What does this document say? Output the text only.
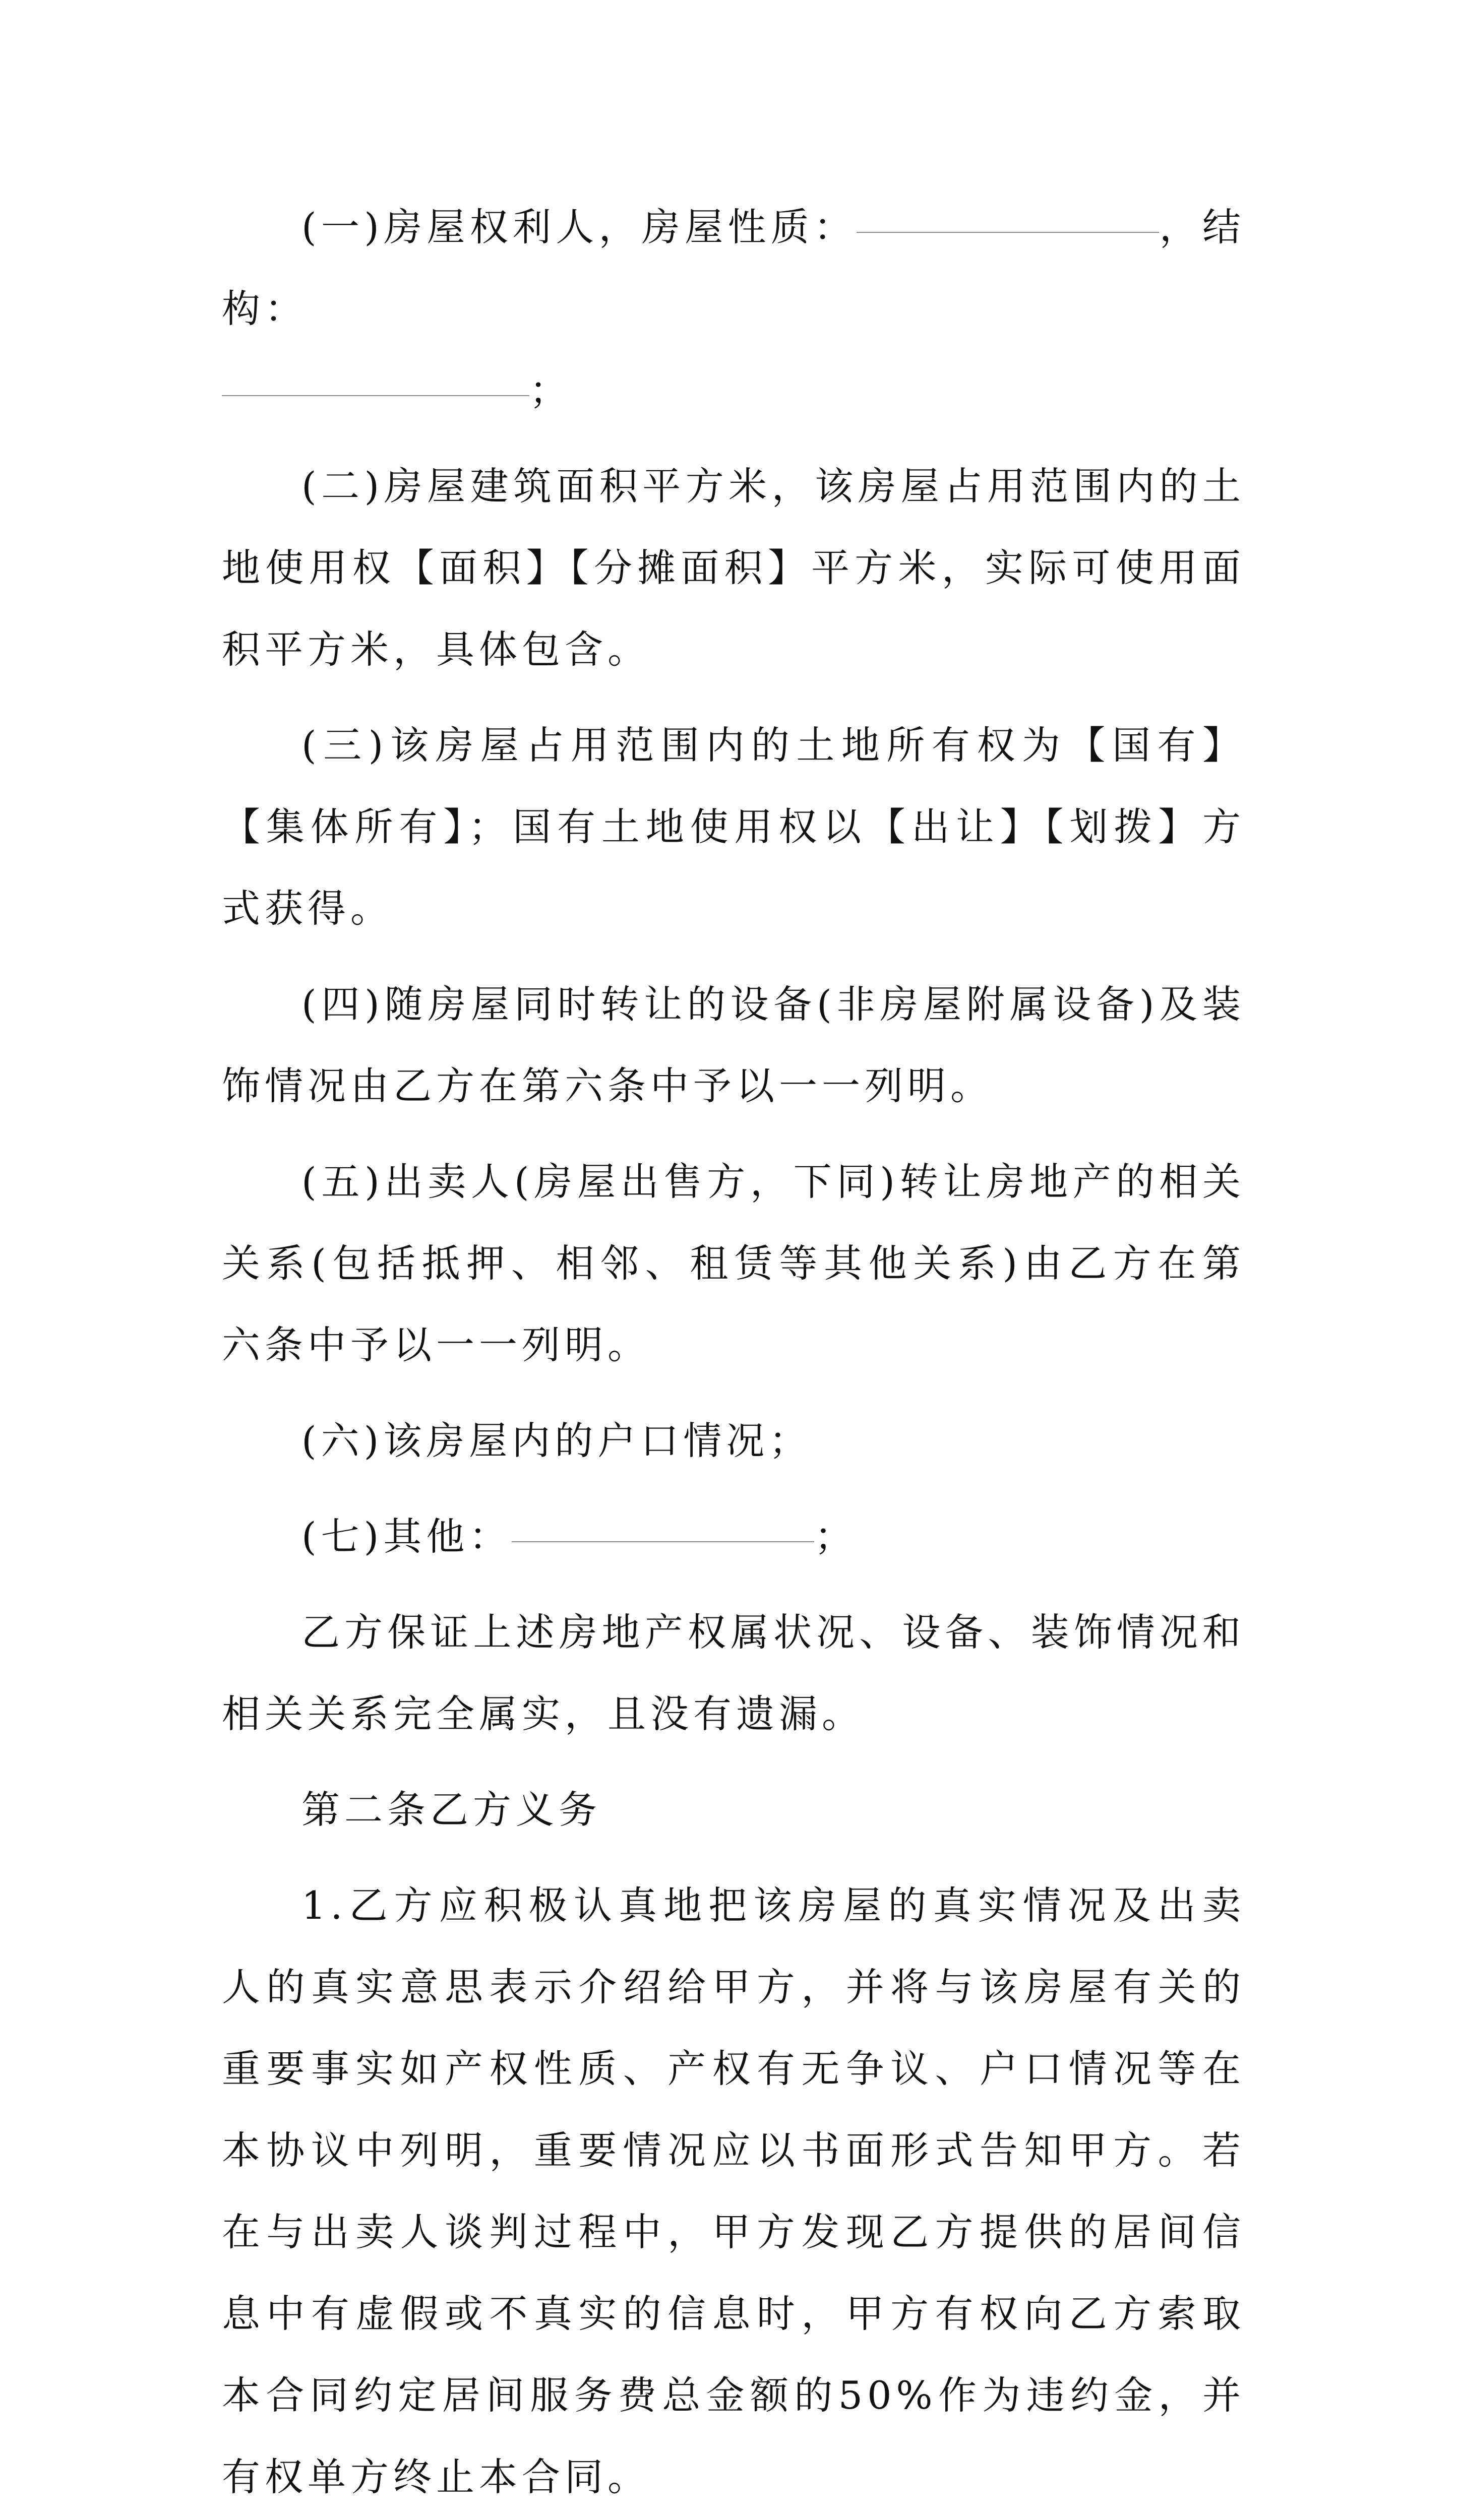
(一)房屋权利人，房屋性质：	，结构：
；

(二)房屋建筑面积平方米，该房屋占用范围内的土地使用权【面积】【分摊面积】平方米，实际可使用面积平方米，具体包含。

(三)该房屋占用范围内的土地所有权为【国有】【集体所有】；国有土地使用权以【出让】【划拨】方式获得。

(四)随房屋同时转让的设备(非房屋附属设备)及装饰情况由乙方在第六条中予以一一列明。

(五)出卖人(房屋出售方，下同)转让房地产的相关关系(包括抵押、相邻、租赁等其他关系)由乙方在第六条中予以一一列明。

(六)该房屋内的户口情况；

(七)其他：	；

乙方保证上述房地产权属状况、设备、装饰情况和相关关系完全属实，且没有遗漏。

第二条乙方义务

1.乙方应积极认真地把该房屋的真实情况及出卖人的真实意思表示介绍给甲方，并将与该房屋有关的重要事实如产权性质、产权有无争议、户口情况等在本协议中列明，重要情况应以书面形式告知甲方。若在与出卖人谈判过程中，甲方发现乙方提供的居间信息中有虚假或不真实的信息时，甲方有权向乙方索取本合同约定居间服务费总金额的50%作为违约金，并有权单方终止本合同。
